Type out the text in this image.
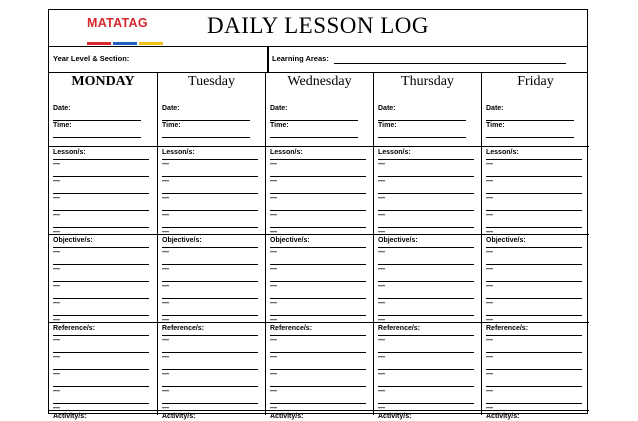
MATATAG	DAILY LESSON LOG
Year Level & Section:	Learning Areas:
MONDAY
Date:
Time:
Lesson/s:
—
—
—
—
—
Objective/s:
—
—
—
—
—
Reference/s:
—
—
—
—
—
Activity/s:
Tuesday
Date:
Time:
Lesson/s:
—
—
—
—
—
Objective/s:
—
—
—
—
—
Reference/s:
—
—
—
—
—
Activity/s:
Wednesday
Date:
Time:
Lesson/s:
—
—
—
—
—
Objective/s:
—
—
—
—
—
Reference/s:
—
—
—
—
—
Activity/s:
Thursday
Date:
Time:
Lesson/s:
—
—
—
—
—
Objective/s:
—
—
—
—
—
Reference/s:
—
—
—
—
—
Activity/s:
Friday
Date:
Time:
Lesson/s:
—
—
—
—
—
Objective/s:
—
—
—
—
—
Reference/s:
—
—
—
—
—
Activity/s:
